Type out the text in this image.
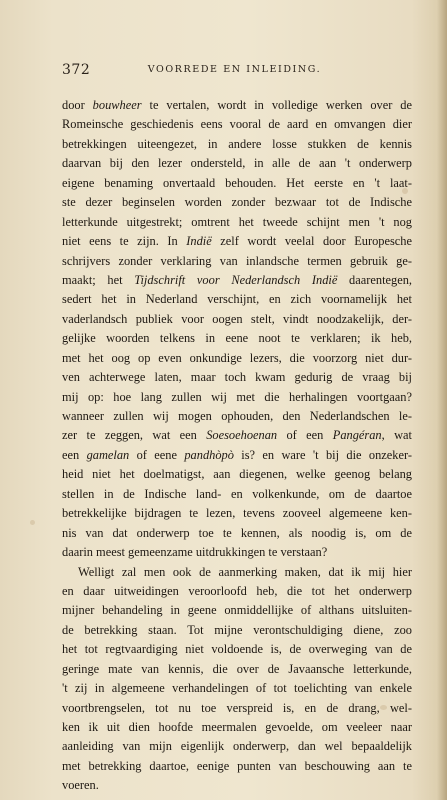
372	VOORREDE EN INLEIDING.
door bouwheer te vertalen, wordt in volledige werken over de
Romeinsche geschiedenis eens vooral de aard en omvangen dier
betrekkingen uiteengezet, in andere losse stukken de kennis
daarvan bij den lezer ondersteld, in alle de aan 't onderwerp
eigene benaming onvertaald behouden. Het eerste en 't laat-
ste dezer beginselen worden zonder bezwaar tot de Indische
letterkunde uitgestrekt; omtrent het tweede schijnt men 't nog
niet eens te zijn. In Indië zelf wordt veelal door Europesche
schrijvers zonder verklaring van inlandsche termen gebruik ge-
maakt; het Tijdschrift voor Nederlandsch Indië daarentegen,
sedert het in Nederland verschijnt, en zich voornamelijk het
vaderlandsch publiek voor oogen stelt, vindt noodzakelijk, der-
gelijke woorden telkens in eene noot te verklaren; ik heb,
met het oog op even onkundige lezers, die voorzorg niet dur-
ven achterwege laten, maar toch kwam gedurig de vraag bij
mij op: hoe lang zullen wij met die herhalingen voortgaan?
wanneer zullen wij mogen ophouden, den Nederlandschen le-
zer te zeggen, wat een Soesoehoenan of een Pangéran, wat
een gamelan of eene pandhòpò is? en ware 't bij die onzeker-
heid niet het doelmatigst, aan diegenen, welke geenog belang
stellen in de Indische land- en volkenkunde, om de daartoe
betrekkelijke bijdragen te lezen, tevens zooveel algemeene ken-
nis van dat onderwerp toe te kennen, als noodig is, om de
daarin meest gemeenzame uitdrukkingen te verstaan?
Welligt zal men ook de aanmerking maken, dat ik mij hier
en daar uitweidingen veroorloofd heb, die tot het onderwerp
mijner behandeling in geene onmiddellijke of althans uitsluiten-
de betrekking staan. Tot mijne verontschuldiging diene, zoo
het tot regtvaardiging niet voldoende is, de overweging van de
geringe mate van kennis, die over de Javaansche letterkunde,
't zij in algemeene verhandelingen of tot toelichting van enkele
voortbrengselen, tot nu toe verspreid is, en de drang, wel-
ken ik uit dien hoofde meermalen gevoelde, om veeleer naar
aanleiding van mijn eigenlijk onderwerp, dan wel bepaaldelijk
met betrekking daartoe, eenige punten van beschouwing aan te
voeren.
